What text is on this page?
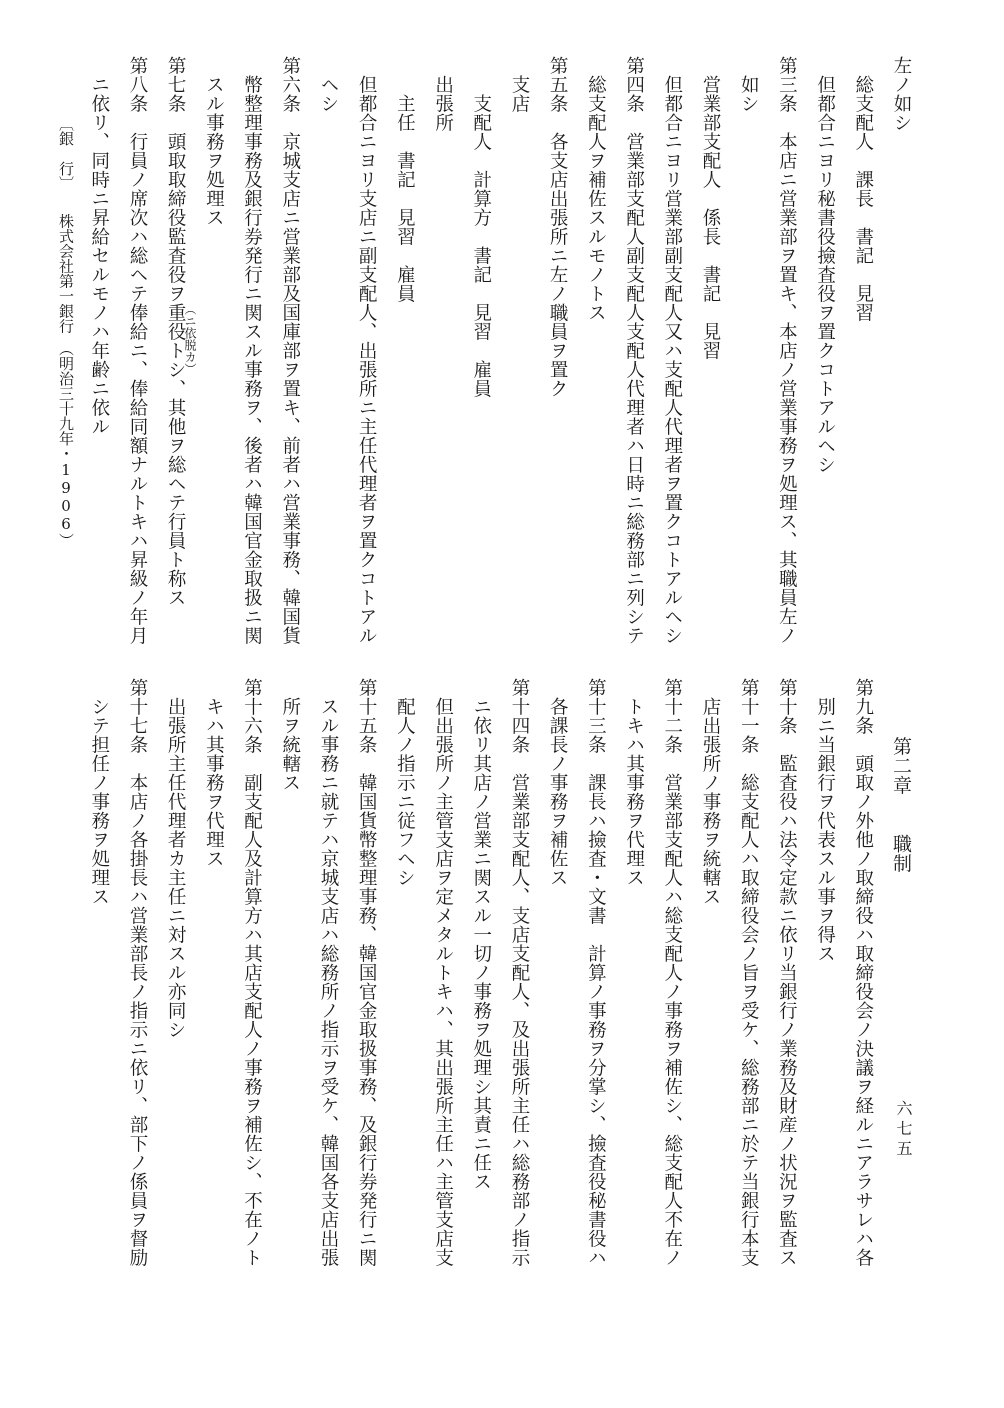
左ノ如シ

　総支配人　課長　書記　見習

　但都合ニヨリ秘書役撿査役ヲ置クコトアルヘシ

第三条　本店ニ営業部ヲ置キ、本店ノ営業事務ヲ処理ス、其職員左ノ

　如シ

　営業部支配人　係長　書記　見習

　但都合ニヨリ営業部副支配人又ハ支配人代理者ヲ置クコトアルヘシ

第四条　営業部支配人副支配人支配人代理者ハ日時ニ総務部ニ列シテ

　総支配人ヲ補佐スルモノトス

第五条　各支店出張所ニ左ノ職員ヲ置ク

　支店

　　支配人　計算方　書記　見習　雇員

　出張所

　　主任　書記　見習　雇員

　但都合ニヨリ支店ニ副支配人、出張所ニ主任代理者ヲ置クコトアル

　ヘシ

第六条　京城支店ニ営業部及国庫部ヲ置キ、前者ハ営業事務、韓国貨

　幣整理事務及銀行券発行ニ関スル事務ヲ、後者ハ韓国官金取扱ニ関

　スル事務ヲ処理ス

第七条　頭取取締役監査役ヲ重役トシ、其他ヲ総ヘテ行員ト称ス

第八条　行員ノ席次ハ総ヘテ俸給ニ、俸給同額ナルトキハ昇級ノ年月

　ニ依リ、同時ニ昇給セルモノハ年齢ニ依ル	（ニ依脱カ）

　　　第二章　　職制

第九条　頭取ノ外他ノ取締役ハ取締役会ノ決議ヲ経ルニアラサレハ各

　別ニ当銀行ヲ代表スル事ヲ得ス

第十条　監査役ハ法令定款ニ依リ当銀行ノ業務及財産ノ状況ヲ監査ス

第十一条　総支配人ハ取締役会ノ旨ヲ受ケ、総務部ニ於テ当銀行本支

　店出張所ノ事務ヲ統轄ス

第十二条　営業部支配人ハ総支配人ノ事務ヲ補佐シ、総支配人不在ノ

　トキハ其事務ヲ代理ス

第十三条　課長ハ撿査・文書　計算ノ事務ヲ分掌シ、撿査役秘書役ハ

　各課長ノ事務ヲ補佐ス

第十四条　営業部支配人、支店支配人、及出張所主任ハ総務部ノ指示

　ニ依リ其店ノ営業ニ関スル一切ノ事務ヲ処理シ其責ニ任ス

　但出張所ノ主管支店ヲ定メタルトキハ、其出張所主任ハ主管支店支

　配人ノ指示ニ従フヘシ

第十五条　韓国貨幣整理事務、韓国官金取扱事務、及銀行券発行ニ関

　スル事務ニ就テハ京城支店ハ総務所ノ指示ヲ受ケ、韓国各支店出張

　所ヲ統轄ス

第十六条　副支配人及計算方ハ其店支配人ノ事務ヲ補佐シ、不在ノト

　キハ其事務ヲ代理ス

　出張所主任代理者カ主任ニ対スル亦同シ

第十七条　本店ノ各掛長ハ営業部長ノ指示ニ依リ、部下ノ係員ヲ督励

　シテ担任ノ事務ヲ処理ス

〔銀　行〕　　株式会社第一銀行　（明治三十九年・1906）
六七五
